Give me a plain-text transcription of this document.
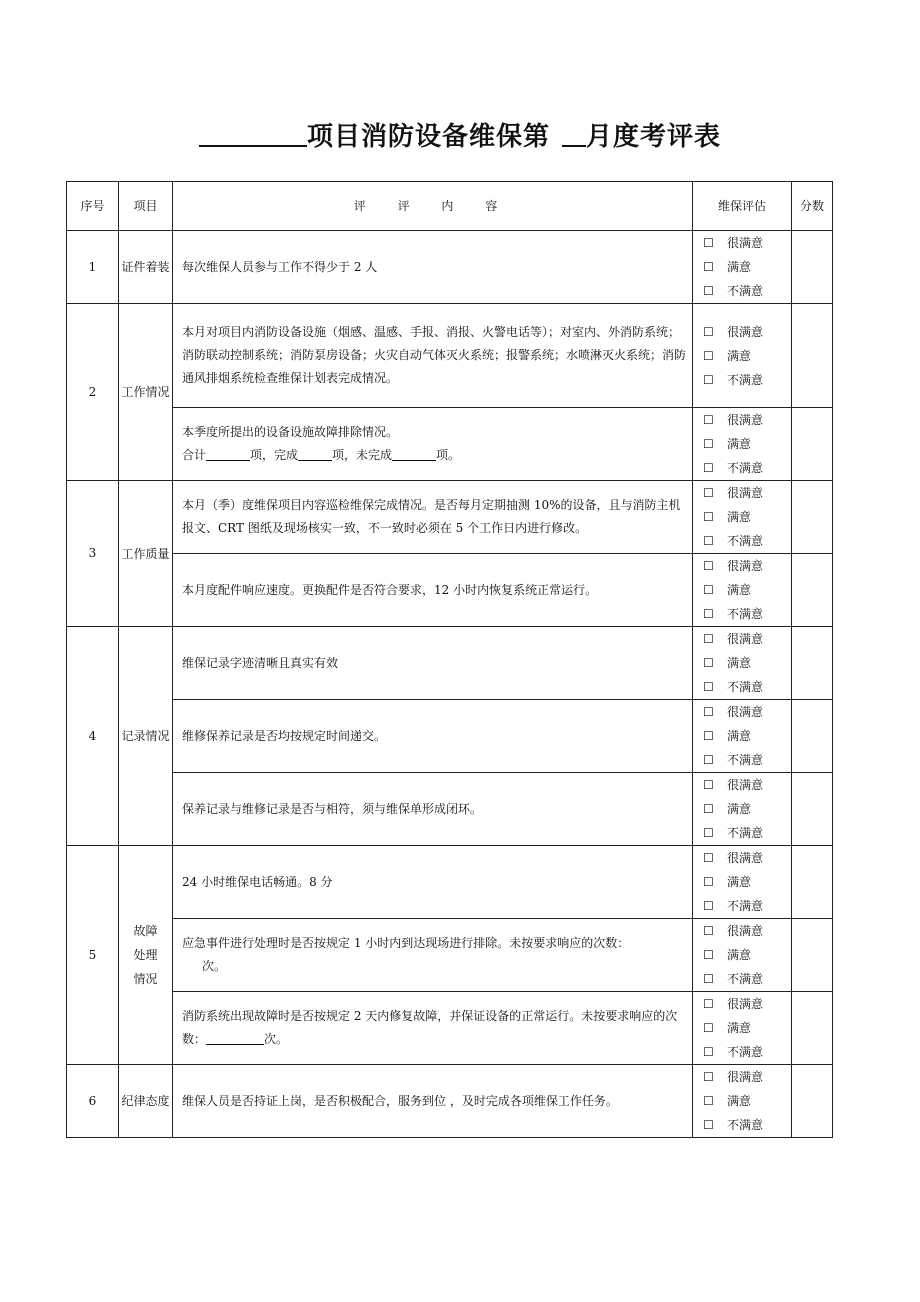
项目消防设备维保第 月度考评表
序号	项目	评 评 内 容	维保评估	分数
1	证件着装	每次维保人员参与工作不得少于 2 人	☐ 很满意
☐ 满意
☐ 不满意	

2	工作情况	本月对项目内消防设备设施（烟感、温感、手报、消报、火警电话等）；对室内、外消防系统；消防联动控制系统；消防泵房设备；火灾自动气体灭火系统；报警系统；水喷淋灭火系统；消防通风排烟系统检查维保计划表完成情况。	☐ 很满意
☐ 满意
☐ 不满意	

		本季度所提出的设备设施故障排除情况。
合计 项，完成 项，未完成 项。	☐ 很满意
☐ 满意
☐ 不满意	

3	工作质量	本月（季）度维保项目内容巡检维保完成情况。是否每月定期抽测 10%的设备，且与消防主机报文、CRT 图纸及现场核实一致，不一致时必须在 5 个工作日内进行修改。	☐ 很满意
☐ 满意
☐ 不满意	

		本月度配件响应速度。更换配件是否符合要求，12 小时内恢复系统正常运行。	☐ 很满意
☐ 满意
☐ 不满意	

4	记录情况	维保记录字迹清晰且真实有效	☐ 很满意
☐ 满意
☐ 不满意	

		维修保养记录是否均按规定时间递交。	☐ 很满意
☐ 满意
☐ 不满意	

		保养记录与维修记录是否与相符，须与维保单形成闭环。	☐ 很满意
☐ 满意
☐ 不满意	

5	故障处理情况	24 小时维保电话畅通。8 分	☐ 很满意
☐ 满意
☐ 不满意	

		应急事件进行处理时是否按规定 1 小时内到达现场进行排除。未按要求响应的次数：
次。	☐ 很满意
☐ 满意
☐ 不满意	

		消防系统出现故障时是否按规定 2 天内修复故障，并保证设备的正常运行。未按要求响应的次数： 次。	☐ 很满意
☐ 满意
☐ 不满意	

6	纪律态度	维保人员是否持证上岗，是否积极配合，服务到位 ，及时完成各项维保工作任务。	☐ 很满意
☐ 满意
☐ 不满意	
